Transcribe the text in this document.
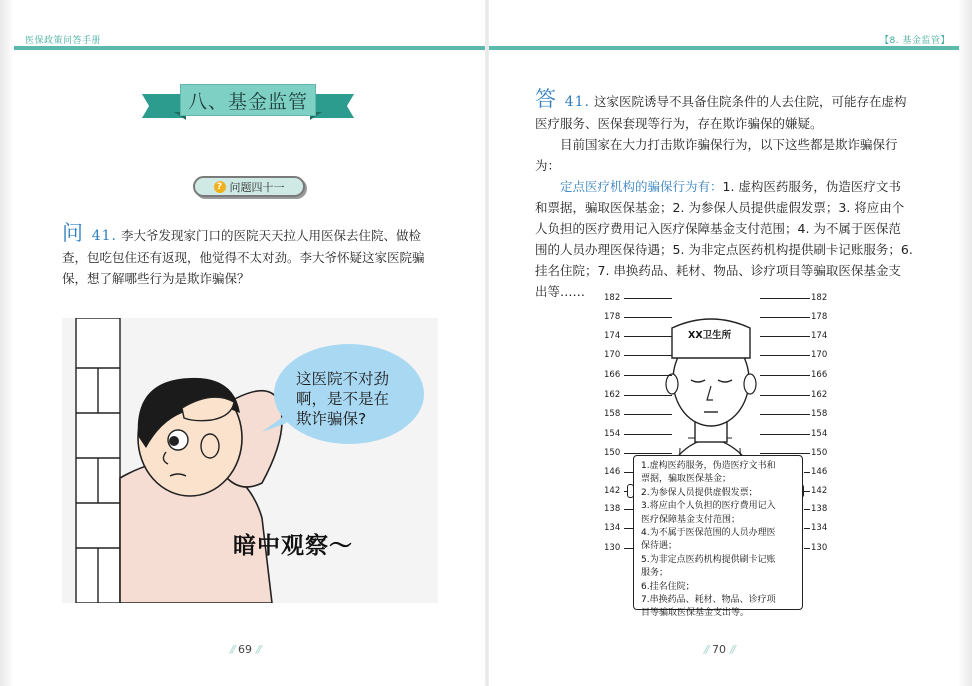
医保政策问答手册	【8. 基金监管】
八、基金监管
? 问题四十一
问 41. 李大爷发现家门口的医院天天拉人用医保去住院、做检查，包吃包住还有返现，他觉得不太对劲。李大爷怀疑这家医院骗保，想了解哪些行为是欺诈骗保？
这医院不对劲
啊，是不是在
欺诈骗保?
暗中观察～
答 41. 这家医院诱导不具备住院条件的人去住院，可能存在虚构医疗服务、医保套现等行为，存在欺诈骗保的嫌疑。
目前国家在大力打击欺诈骗保行为，以下这些都是欺诈骗保行为：
定点医疗机构的骗保行为有：1. 虚构医药服务，伪造医疗文书和票据，骗取医保基金；2. 为参保人员提供虚假发票；3. 将应由个人负担的医疗费用记入医疗保障基金支付范围；4. 为不属于医保范围的人员办理医保待遇；5. 为非定点医药机构提供刷卡记账服务；6. 挂名住院；7. 串换药品、耗材、物品、诊疗项目等骗取医保基金支出等……
XX卫生所
182
178
174
170
166
162
158
154
150
146
142
138
134
130
182
178
174
170
166
162
158
154
150
146
142
138
134
130
1.虚构医药服务，伪造医疗文书和
票据，骗取医保基金；
2.为参保人员提供虚假发票；
3.将应由个人负担的医疗费用记入
医疗保障基金支付范围；
4.为不属于医保范围的人员办理医
保待遇；
5.为非定点医药机构提供刷卡记账
服务；
6.挂名住院；
7.串换药品、耗材、物品、诊疗项
目等骗取医保基金支出等。
// 69 //	// 70 //
